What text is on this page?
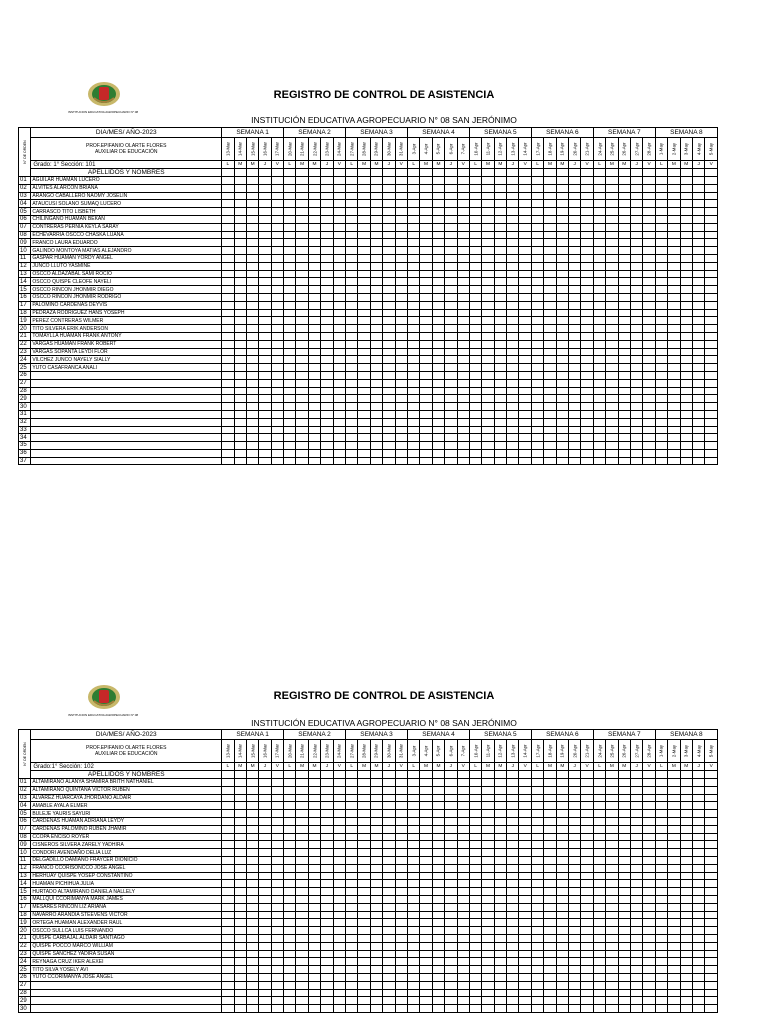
INSTITUCION EDUCATIVA AGROPECUARIO N° 08
REGISTRO DE CONTROL DE ASISTENCIA
INSTITUCIÓN EDUCATIVA AGROPECUARIO N° 08 SAN JERÓNIMO
N° DE ORDEN	DIA/MES/ AÑO-2023	SEMANA 1					SEMANA 2					SEMANA 3					SEMANA 4					SEMANA 5					SEMANA 6					SEMANA 7					SEMANA 8				

	PROF.EPIFANIO OLARTE FLORES
AUXILIAR DE EDUCACIÓN	13-Mar	14-Mar	15-Mar	16-Mar	17-Mar	20-Mar	21-Mar	22-Mar	23-Mar	24-Mar	27-Mar	28-Mar	29-Mar	30-Mar	31-Mar	3-Apr	4-Apr	5-Apr	6-Apr	7-Apr	10-Apr	11-Apr	12-Apr	13-Apr	14-Apr	17-Apr	18-Apr	19-Apr	20-Apr	21-Apr	24-Apr	25-Apr	26-Apr	27-Apr	28-Apr	1-May	2-May	3-May	4-May	5-May

	Grado: 1° Sección: 101	L	M	M	J	V	L	M	M	J	V	L	M	M	J	V	L	M	M	J	V	L	M	M	J	V	L	M	M	J	V	L	M	M	J	V	L	M	M	J	V
	APELLIDOS Y NOMBRES																																								
01	AGUILAR HUAMAN LUCERO																																								
02	ALVITES ALARCON BRIANA																																								
03	ARANGO CABALLERO NAOMY JOSELIN																																								
04	ATAUCUSI SOLANO SUMAQ LUCERO																																								
05	CARRASCO TITO LISBETH																																								
06	CHILINGANO HUAMAN BEKAN																																								
07	CONTRERAS PERNIA KEYLA SARAY																																								
08	ECHEVARRIA OSCCO CHASKA LUANA																																								
09	FRANCO LAURA EDUARDO																																								
10	GALINDO MONTOYA MATIAS ALEJANDRO																																								
11	GASPAR HUAMAN YORDY ANGEL																																								
12	JUNCO LLUTO YASMINE																																								
13	OSCCO ALDAZABAL SAMI ROCIO																																								
14	OSCCO QUISPE CLEOFE NAYELI																																								
15	OSCCO RINCON JHONMIR DIEGO																																								
16	OSCCO RINCON JHONMIR RODRIGO																																								
17	PALOMINO CARDENAS DEYVIS																																								
18	PEDRAZA RODRIGUEZ HANS YOSEPH																																								
19	PEREZ CONTRERAS WILMER																																								
20	TITO SILVERA ERIK ANDERSON																																								
21	TOMAYLLA HUAMAN FRANK ANTONY																																								
22	VARGAS HUAMAN FRANK ROBERT																																								
23	VARGAS SOPANTA LEYDI FLOR																																								
24	VILCHEZ JUNCO NAYELY SIALLY																																								
25	YUTO CASAFRANCA ANALI																																								
26																																									
27																																									
28																																									
29																																									
30																																									
31																																									
32																																									
33																																									
34																																									
35																																									
36																																									
37																																									
INSTITUCION EDUCATIVA AGROPECUARIO N° 08
REGISTRO DE CONTROL DE ASISTENCIA
INSTITUCIÓN EDUCATIVA AGROPECUARIO N° 08 SAN JERÓNIMO
N° DE ORDEN	DIA/MES/ AÑO-2023	SEMANA 1					SEMANA 2					SEMANA 3					SEMANA 4					SEMANA 5					SEMANA 6					SEMANA 7					SEMANA 8				

	PROF.EPIFANIO OLARTE FLORES
AUXILIAR DE EDUCACIÓN	13-Mar	14-Mar	15-Mar	16-Mar	17-Mar	20-Mar	21-Mar	22-Mar	23-Mar	24-Mar	27-Mar	28-Mar	29-Mar	30-Mar	31-Mar	3-Apr	4-Apr	5-Apr	6-Apr	7-Apr	10-Apr	11-Apr	12-Apr	13-Apr	14-Apr	17-Apr	18-Apr	19-Apr	20-Apr	21-Apr	24-Apr	25-Apr	26-Apr	27-Apr	28-Apr	1-May	2-May	3-May	4-May	5-May

	Grado:1° Sección: 102	L	M	M	J	V	L	M	M	J	V	L	M	M	J	V	L	M	M	J	V	L	M	M	J	V	L	M	M	J	V	L	M	M	J	V	L	M	M	J	V
	APELLIDOS Y NOMBRES																																								
01	ALTAMIRANO ALANYA SHAMIRA BRITH NATHANIEL																																								
02	ALTAMIRANO QUINTANA VICTOR RUBEN																																								
03	ALVAREZ HUARCAYA JHORDANO ALDAIR																																								
04	AMABLE AYALA ELMER																																								
05	BULEJE YAURIS SAYURI																																								
06	CARDENAS HUAMAN ADRIANA LEYDY																																								
07	CARDENAS PALOMINO RUBEN JHAMIR																																								
08	CCOPA ENCISO ROYER																																								
09	CISNEROS SILVERA ZARELY YADHIRA																																								
10	CONDORI AVENDAÑO DELIA LUZ																																								
11	DELGADILLO DAMIANO FRAYCER DIONICIO																																								
12	FRANCO CCORISONCCO JOSE ANGEL																																								
13	HERHUAY QUISPE YOSEP CONSTANTINO																																								
14	HUAMAN PICHIHUA JULIA																																								
15	HURTADO ALTAMIRANO DANIELA NALLELY																																								
16	MALLQUI CCORIMANYA MARK JAMES																																								
17	MESARES RINCON LIZ ARIANA																																								
18	NAVARRO ARANDIA STEEVENS VICTOR																																								
19	ORTEGA HUAMAN ALEXANDER RAUL																																								
20	OSCCO SULLCA LUIS FERNANDO																																								
21	QUISPE CARBAJAL ALDAIR SANTIAGO																																								
22	QUISPE POCCO MARCO WILLIAM																																								
23	QUISPE SANCHEZ YADIRA SUSAN																																								
24	REYNAGA CRUZ IKER ALEXEI																																								
25	TITO SILVA YOSELY AVI																																								
26	YUTO CCORIMANYA JOSE ANGEL																																								
27																																									
28																																									
29																																									
30																																									
